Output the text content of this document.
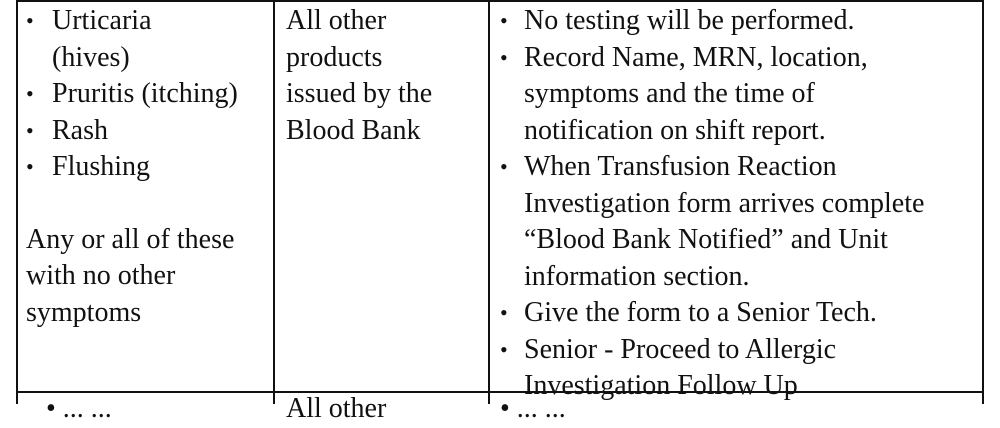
• Urticaria
(hives)
• Pruritis (itching)
• Rash
• Flushing
Any or all of these
with no other
symptoms
All other
products
issued by the
Blood Bank
• No testing will be performed.
• Record Name, MRN, location,
symptoms and the time of
notification on shift report.
• When Transfusion Reaction
Investigation form arrives complete
“Blood Bank Notified” and Unit
information section.
• Give the form to a Senior Tech.
• Senior - Proceed to Allergic
Investigation Follow Up
• ... ...	All other	• ... ...
